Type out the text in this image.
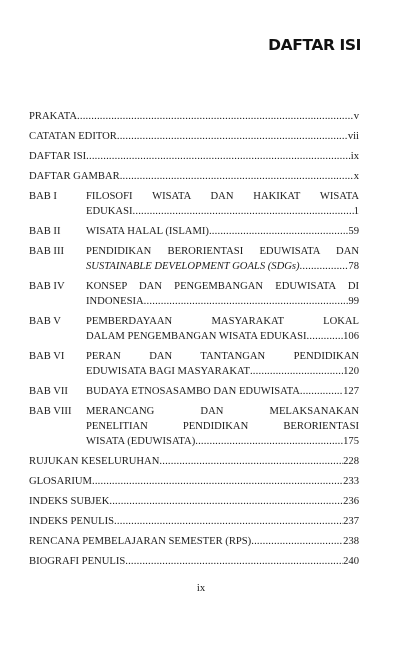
DAFTAR ISI
PRAKATA .....	v
CATATAN EDITOR .....	vii
DAFTAR ISI .....	ix
DAFTAR GAMBAR .....	x
BAB I	FILOSOFI WISATA DAN HAKIKAT WISATA
EDUKASI .....	1
BAB II	WISATA HALAL (ISLAMI) .....	59
BAB III	PENDIDIKAN BERORIENTASI EDUWISATA DAN
SUSTAINABLE DEVELOPMENT GOALS (SDGs) .....	78
BAB IV	KONSEP DAN PENGEMBANGAN EDUWISATA DI
INDONESIA .....	99
BAB V	PEMBERDAYAAN MASYARAKAT LOKAL
DALAM PENGEMBANGAN WISATA EDUKASI .....	106
BAB VI	PERAN DAN TANTANGAN PENDIDIKAN
EDUWISATA BAGI MASYARAKAT .....	120
BAB VII	BUDAYA ETNOSASAMBO DAN EDUWISATA .....	127
BAB VIII	MERANCANG DAN MELAKSANAKAN
PENELITIAN PENDIDIKAN BERORIENTASI
WISATA (EDUWISATA) .....	175
RUJUKAN KESELURUHAN .....	228
GLOSARIUM .....	233
INDEKS SUBJEK .....	236
INDEKS PENULIS .....	237
RENCANA PEMBELAJARAN SEMESTER (RPS) .....	238
BIOGRAFI PENULIS .....	240
ix
